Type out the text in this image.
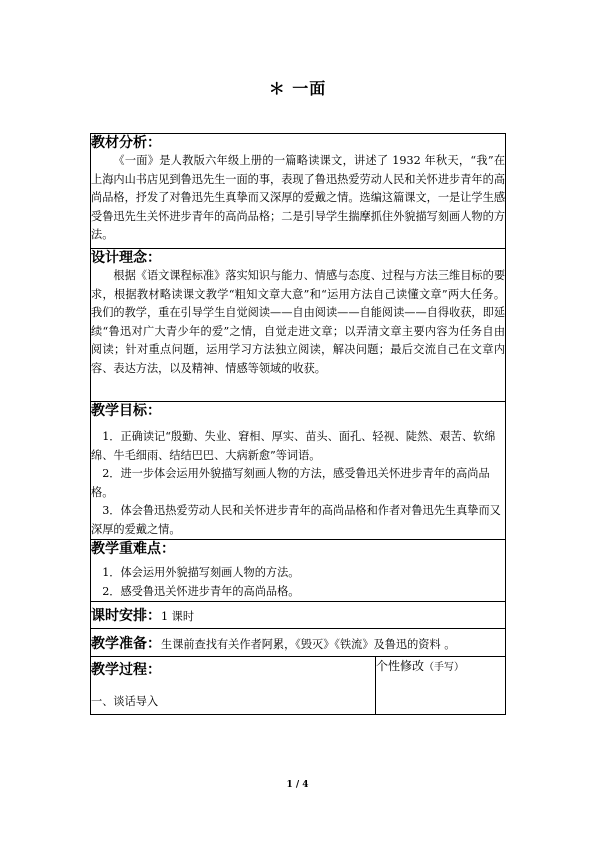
＊ 一面
教材分析：

《一面》是人教版六年级上册的一篇略读课文，讲述了 1932 年秋天，“我”在上海内山书店见到鲁迅先生一面的事，表现了鲁迅热爱劳动人民和关怀进步青年的高尚品格，抒发了对鲁迅先生真挚而又深厚的爱戴之情。选编这篇课文，一是让学生感受鲁迅先生关怀进步青年的高尚品格；二是引导学生揣摩抓住外貌描写刻画人物的方法。

设计理念：

根据《语文课程标准》落实知识与能力、情感与态度、过程与方法三维目标的要求，根据教材略读课文教学“粗知文章大意”和“运用方法自己读懂文章”两大任务。我们的教学，重在引导学生自觉阅读——自由阅读——自能阅读——自得收获，即延续“鲁迅对广大青少年的爱”之情，自觉走进文章；以弄清文章主要内容为任务自由阅读；针对重点问题，运用学习方法独立阅读，解决问题；最后交流自己在文章内容、表达方法，以及精神、情感等领域的收获。

教学目标：

1．正确读记“殷勤、失业、窘相、厚实、苗头、面孔、轻视、陡然、艰苦、软绵绵、牛毛细雨、结结巴巴、大病新愈”等词语。

2．进一步体会运用外貌描写刻画人物的方法，感受鲁迅关怀进步青年的高尚品格。

3．体会鲁迅热爱劳动人民和关怀进步青年的高尚品格和作者对鲁迅先生真挚而又深厚的爱戴之情。

教学重难点：

1．体会运用外貌描写刻画人物的方法。

2．感受鲁迅关怀进步青年的高尚品格。

课时安排：1 课时
教学准备：生课前查找有关作者阿累，《毁灭》《铁流》及鲁迅的资料 。

教学过程：
一、谈话导入
	个性修改（手写）
1 / 4
